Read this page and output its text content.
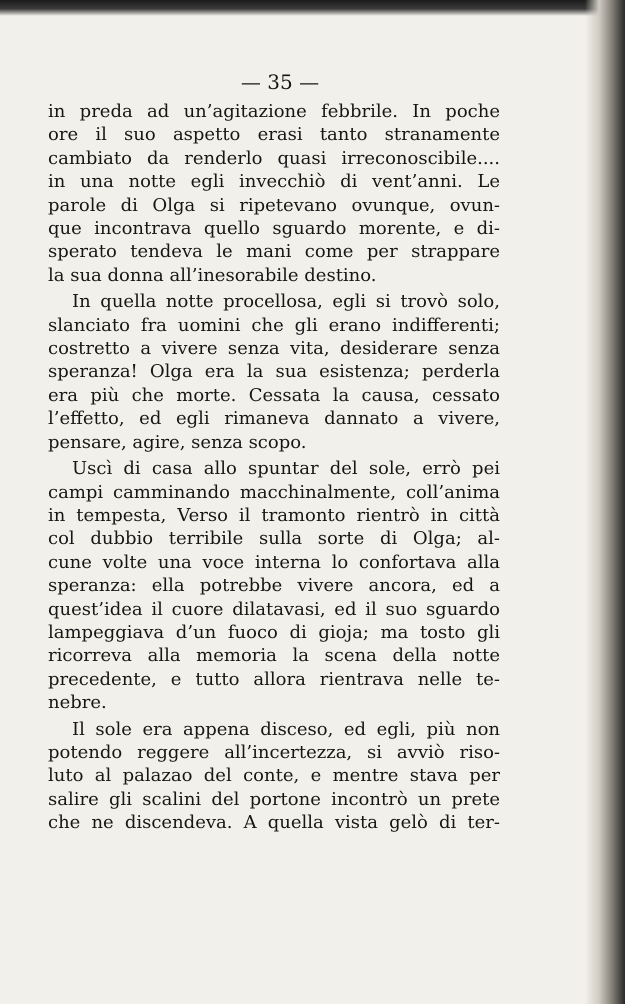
— 35 —

in preda ad un’agitazione febbrile. In poche
ore il suo aspetto erasi tanto stranamente
cambiato da renderlo quasi irreconoscibile....
in una notte egli invecchiò di vent’anni. Le
parole di Olga si ripetevano ovunque, ovun-
que incontrava quello sguardo morente, e di-
sperato tendeva le mani come per strappare
la sua donna all’inesorabile destino.

In quella notte procellosa, egli si trovò solo,
slanciato fra uomini che gli erano indifferenti;
costretto a vivere senza vita, desiderare senza
speranza! Olga era la sua esistenza; perderla
era più che morte. Cessata la causa, cessato
l’effetto, ed egli rimaneva dannato a vivere,
pensare, agire, senza scopo.

Uscì di casa allo spuntar del sole, errò pei
campi camminando macchinalmente, coll’anima
in tempesta, Verso il tramonto rientrò in città
col dubbio terribile sulla sorte di Olga; al-
cune volte una voce interna lo confortava alla
speranza: ella potrebbe vivere ancora, ed a
quest’idea il cuore dilatavasi, ed il suo sguardo
lampeggiava d’un fuoco di gioja; ma tosto gli
ricorreva alla memoria la scena della notte
precedente, e tutto allora rientrava nelle te-
nebre.

Il sole era appena disceso, ed egli, più non
potendo reggere all’incertezza, si avviò riso-
luto al palazao del conte, e mentre stava per
salire gli scalini del portone incontrò un prete
che ne discendeva. A quella vista gelò di ter-
